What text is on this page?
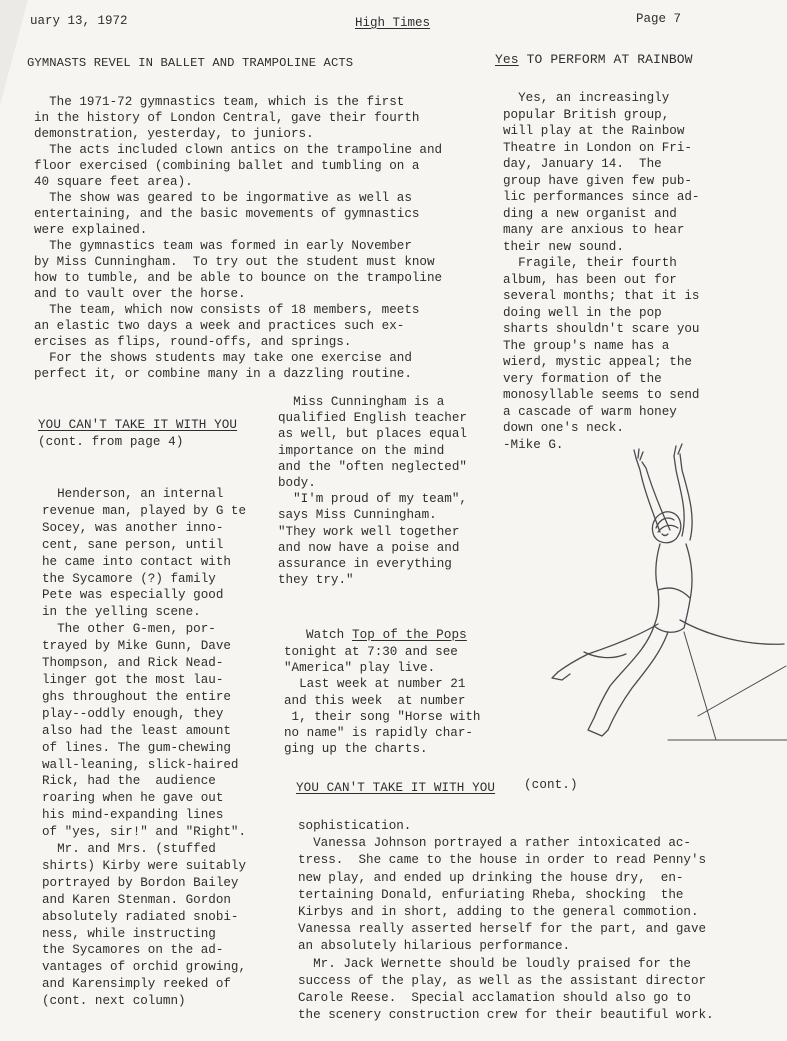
uary 13, 1972	High Times	Page 7
GYMNASTS REVEL IN BALLET AND TRAMPOLINE ACTS
The 1971-72 gymnastics team, which is the first
in the history of London Central, gave their fourth
demonstration, yesterday, to juniors.
The acts included clown antics on the trampoline and
floor exercised (combining ballet and tumbling on a
40 square feet area).
The show was geared to be ingormative as well as
entertaining, and the basic movements of gymnastics
were explained.
The gymnastics team was formed in early November
by Miss Cunningham.  To try out the student must know
how to tumble, and be able to bounce on the trampoline
and to vault over the horse.
The team, which now consists of 18 members, meets
an elastic two days a week and practices such ex-
ercises as flips, round-offs, and springs.
For the shows students may take one exercise and
perfect it, or combine many in a dazzling routine.
Yes TO PERFORM AT RAINBOW
Yes, an increasingly
popular British group,
will play at the Rainbow
Theatre in London on Fri-
day, January 14.  The
group have given few pub-
lic performances since ad-
ding a new organist and
many are anxious to hear
their new sound.
Fragile, their fourth
album, has been out for
several months; that it is
doing well in the pop
sharts shouldn't scare you
The group's name has a
wierd, mystic appeal; the
very formation of the
monosyllable seems to send
a cascade of warm honey
down one's neck.
-Mike G.
YOU CAN'T TAKE IT WITH YOU
(cont. from page 4)
Henderson, an internal
revenue man, played by G te
Socey, was another inno-
cent, sane person, until
he came into contact with
the Sycamore (?) family
Pete was especially good
in the yelling scene.
The other G-men, por-
trayed by Mike Gunn, Dave
Thompson, and Rick Nead-
linger got the most lau-
ghs throughout the entire
play--oddly enough, they
also had the least amount
of lines. The gum-chewing
wall-leaning, slick-haired
Rick, had the  audience
roaring when he gave out
his mind-expanding lines
of "yes, sir!" and "Right".
Mr. and Mrs. (stuffed
shirts) Kirby were suitably
portrayed by Bordon Bailey
and Karen Stenman. Gordon
absolutely radiated snobi-
ness, while instructing
the Sycamores on the ad-
vantages of orchid growing,
and Karensimply reeked of
(cont. next column)
Miss Cunningham is a
qualified English teacher
as well, but places equal
importance on the mind
and the "often neglected"
body.
"I'm proud of my team",
says Miss Cunningham.
"They work well together
and now have a poise and
assurance in everything
they try."
Watch Top of the Pops
tonight at 7:30 and see
"America" play live.
Last week at number 21
and this week  at number
1, their song "Horse with
no name" is rapidly char-
ging up the charts.
YOU CAN'T TAKE IT WITH YOU (cont.)
sophistication.
Vanessa Johnson portrayed a rather intoxicated ac-
tress.  She came to the house in order to read Penny's
new play, and ended up drinking the house dry,  en-
tertaining Donald, enfuriating Rheba, shocking  the
Kirbys and in short, adding to the general commotion.
Vanessa really asserted herself for the part, and gave
an absolutely hilarious performance.
Mr. Jack Wernette should be loudly praised for the
success of the play, as well as the assistant director
Carole Reese.  Special acclamation should also go to
the scenery construction crew for their beautiful work.
